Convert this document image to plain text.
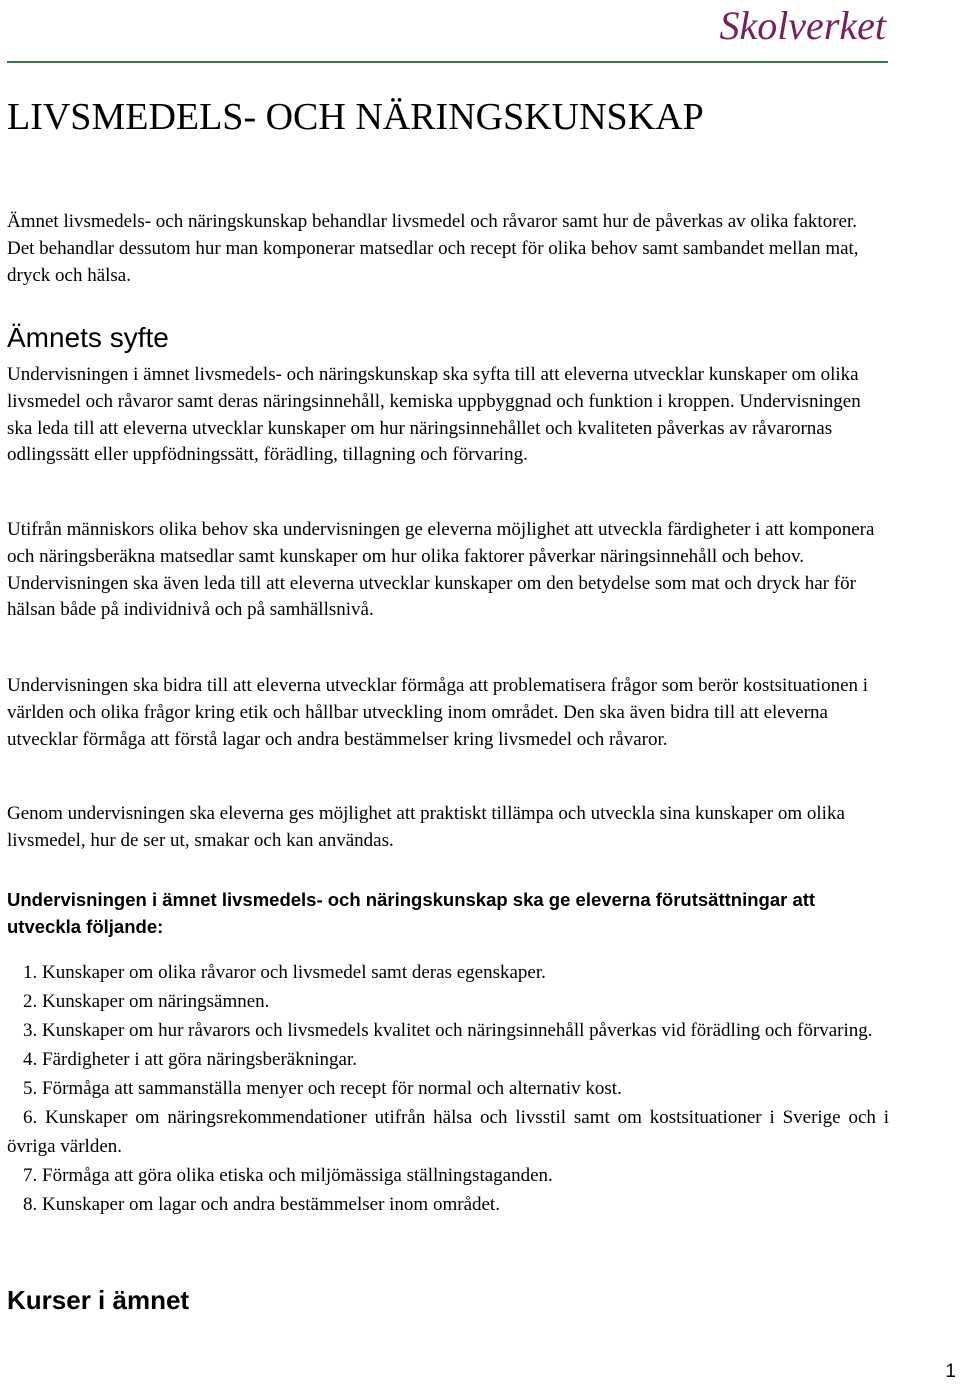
Skolverket
LIVSMEDELS- OCH NÄRINGSKUNSKAP

Ämnet livsmedels- och näringskunskap behandlar livsmedel och råvaror samt hur de påverkas av olika faktorer. Det behandlar dessutom hur man komponerar matsedlar och recept för olika behov samt sambandet mellan mat, dryck och hälsa.

Ämnets syfte

Undervisningen i ämnet livsmedels- och näringskunskap ska syfta till att eleverna utvecklar kunskaper om olika livsmedel och råvaror samt deras näringsinnehåll, kemiska uppbyggnad och funktion i kroppen. Undervisningen ska leda till att eleverna utvecklar kunskaper om hur näringsinnehållet och kvaliteten påverkas av råvarornas odlingssätt eller uppfödningssätt, förädling, tillagning och förvaring.

Utifrån människors olika behov ska undervisningen ge eleverna möjlighet att utveckla färdigheter i att komponera och näringsberäkna matsedlar samt kunskaper om hur olika faktorer påverkar näringsinnehåll och behov. Undervisningen ska även leda till att eleverna utvecklar kunskaper om den betydelse som mat och dryck har för hälsan både på individnivå och på samhällsnivå.

Undervisningen ska bidra till att eleverna utvecklar förmåga att problematisera frågor som berör kostsituationen i världen och olika frågor kring etik och hållbar utveckling inom området. Den ska även bidra till att eleverna utvecklar förmåga att förstå lagar och andra bestämmelser kring livsmedel och råvaror.

Genom undervisningen ska eleverna ges möjlighet att praktiskt tillämpa och utveckla sina kunskaper om olika livsmedel, hur de ser ut, smakar och kan användas.

Undervisningen i ämnet livsmedels- och näringskunskap ska ge eleverna förutsättningar att utveckla följande:
1. Kunskaper om olika råvaror och livsmedel samt deras egenskaper.
2. Kunskaper om näringsämnen.
3. Kunskaper om hur råvarors och livsmedels kvalitet och näringsinnehåll påverkas vid förädling och förvaring.
4. Färdigheter i att göra näringsberäkningar.
5. Förmåga att sammanställa menyer och recept för normal och alternativ kost.
6. Kunskaper om näringsrekommendationer utifrån hälsa och livsstil samt om kostsituationer i Sverige och i övriga världen.
7. Förmåga att göra olika etiska och miljömässiga ställningstaganden.
8. Kunskaper om lagar och andra bestämmelser inom området.
Kurser i ämnet
1
